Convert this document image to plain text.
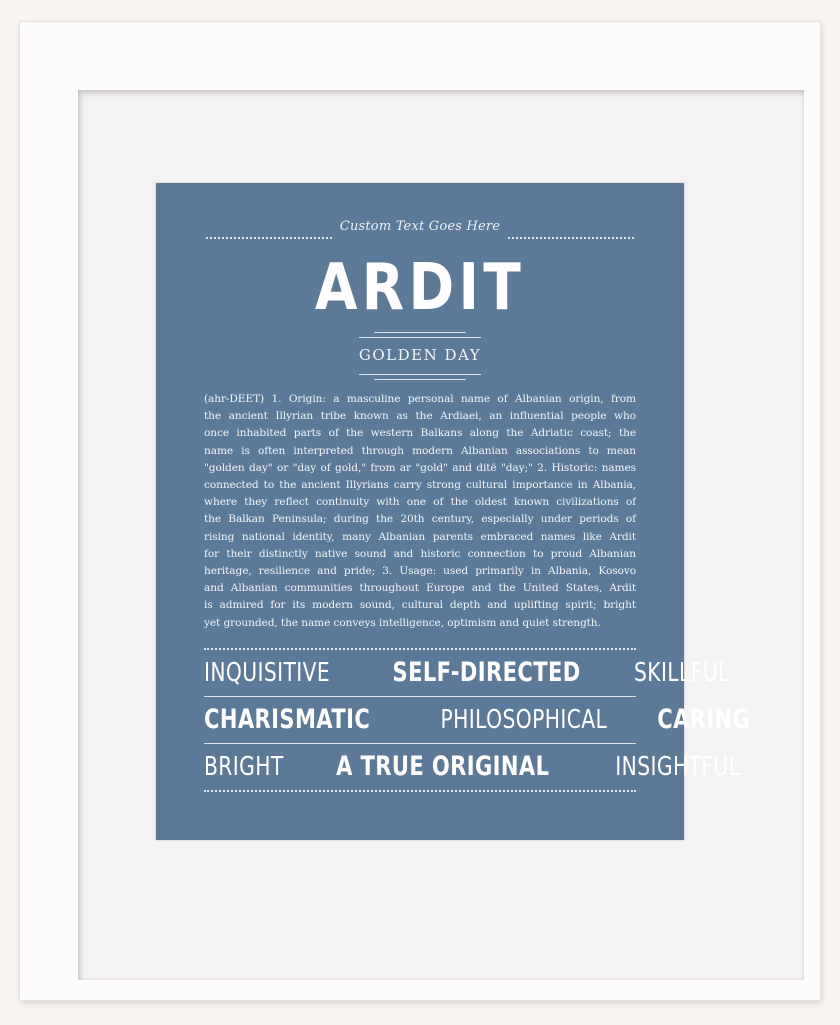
Custom Text Goes Here
ARDIT
GOLDEN DAY
(ahr-DEET) 1. Origin: a masculine personal name of Albanian origin, from
the ancient Illyrian tribe known as the Ardiaei, an influential people who
once inhabited parts of the western Balkans along the Adriatic coast; the
name is often interpreted through modern Albanian associations to mean
"golden day" or "day of gold," from ar "gold" and ditë "day;" 2. Historic: names
connected to the ancient Illyrians carry strong cultural importance in Albania,
where they reflect continuity with one of the oldest known civilizations of
the Balkan Peninsula; during the 20th century, especially under periods of
rising national identity, many Albanian parents embraced names like Ardit
for their distinctly native sound and historic connection to proud Albanian
heritage, resilience and pride; 3. Usage: used primarily in Albania, Kosovo
and Albanian communities throughout Europe and the United States, Ardit
is admired for its modern sound, cultural depth and uplifting spirit; bright
yet grounded, the name conveys intelligence, optimism and quiet strength.
INQUISITIVE SELF-DIRECTED SKILLFUL
CHARISMATIC	PHILOSOPHICAL CARING
BRIGHT A TRUE ORIGINAL	INSIGHTFUL
